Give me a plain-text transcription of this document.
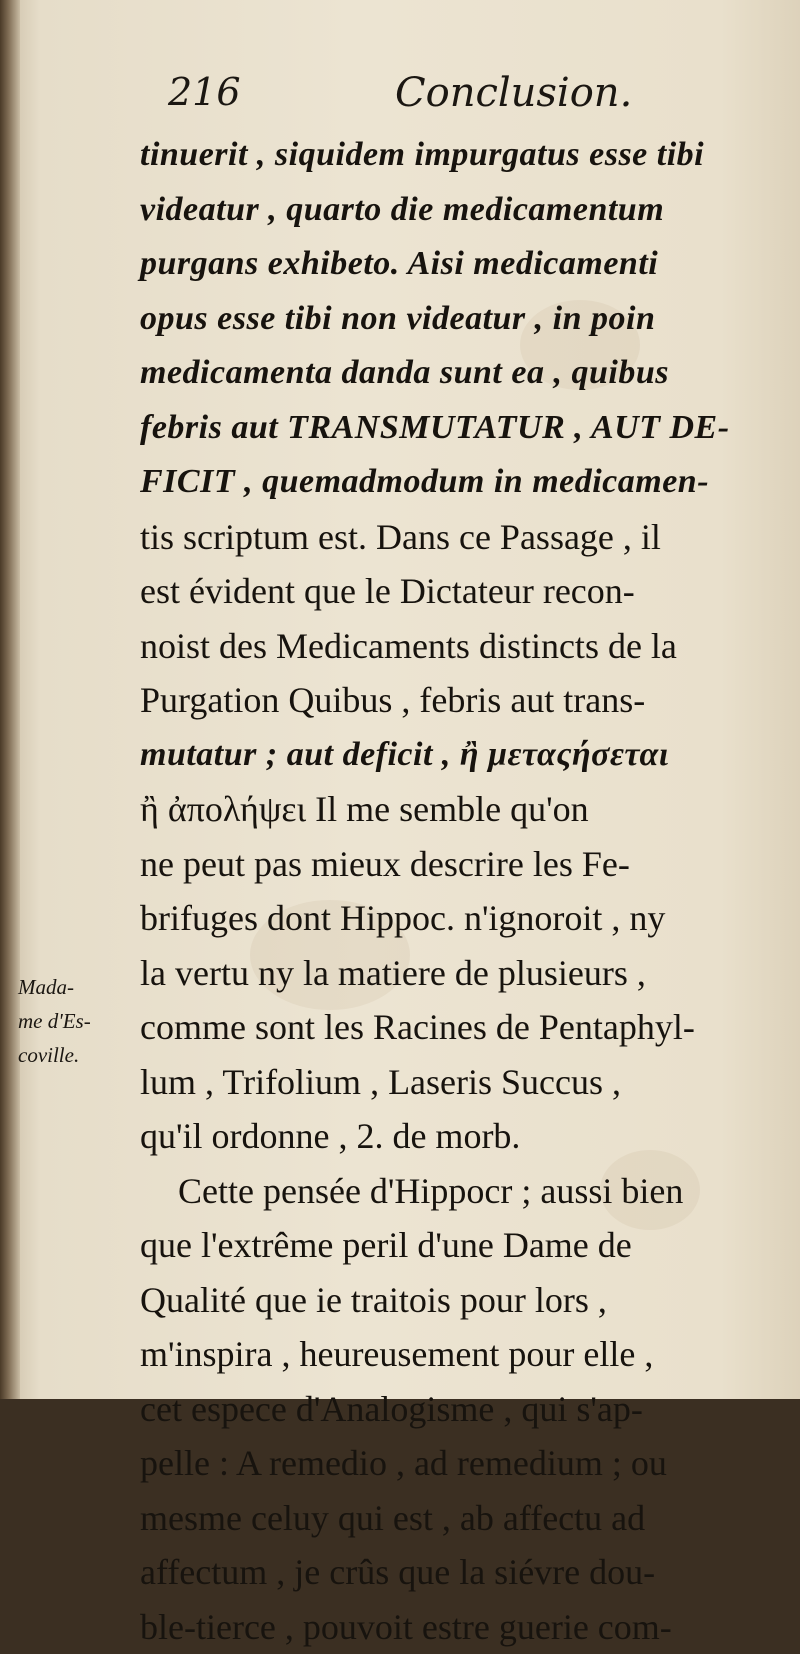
216	Conclusion.
tinuerit , siquidem impurgatus esse tibi
videatur , quarto die medicamentum
purgans exhibeto. Aisi medicamenti
opus esse tibi non videatur , in poin
medicamenta danda sunt ea , quibus
febris aut TRANSMUTATUR , AUT DE-
FICIT , quemadmodum in medicamen-
tis scriptum est. Dans ce Passage , il
est évident que le Dictateur recon-
noist des Medicaments distincts de la
Purgation Quibus , febris aut trans-
mutatur ; aut deficit , ἢ μεταςήσεται
ἢ ἀπολήψει Il me semble qu'on
ne peut pas mieux descrire les Fe-
brifuges dont Hippoc. n'ignoroit , ny
la vertu ny la matiere de plusieurs ,
comme sont les Racines de Pentaphyl-
lum , Trifolium , Laseris Succus ,
qu'il ordonne , 2. de morb.
Cette pensée d'Hippocr ; aussi bien
que l'extrême peril d'une Dame de
Qualité que ie traitois pour lors ,
m'inspira , heureusement pour elle ,
cet espece d'Analogisme , qui s'ap-
pelle : A remedio , ad remedium ; ou
mesme celuy qui est , ab affectu ad
affectum , je crûs que la siévre dou-
ble-tierce , pouvoit estre guerie com-
Mada-
me d'Es-
coville.
